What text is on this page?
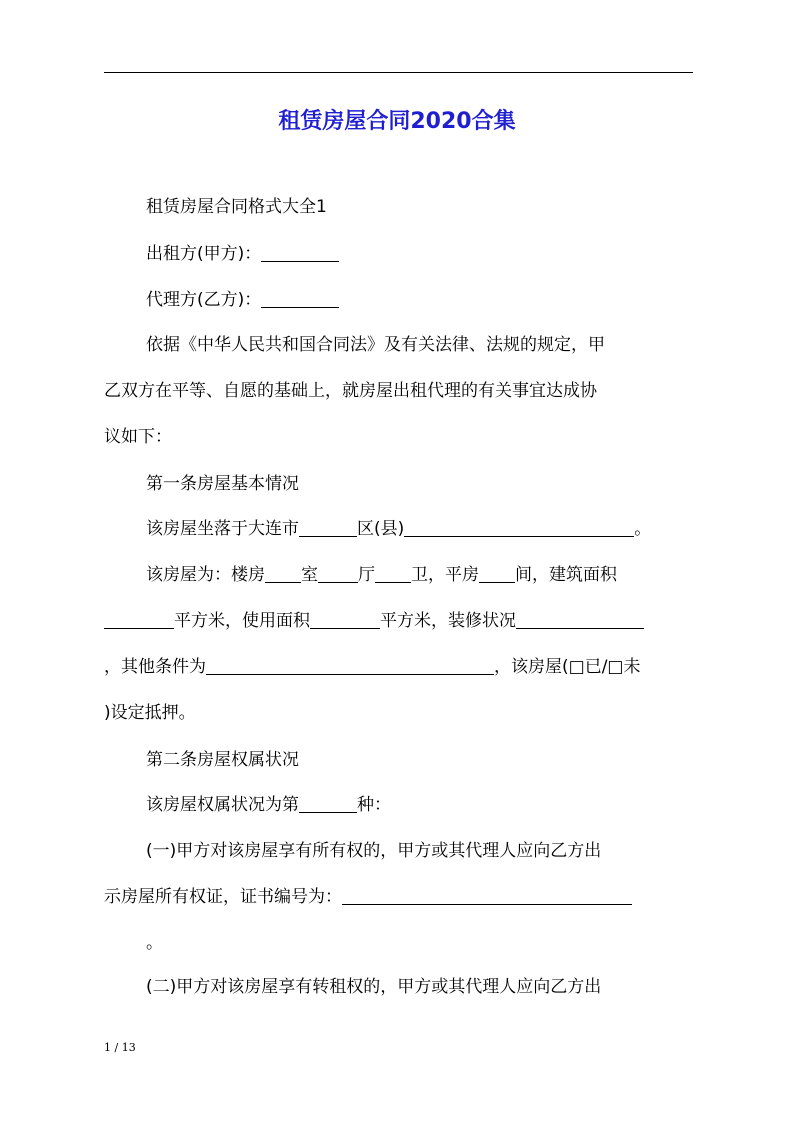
租赁房屋合同2020合集
租赁房屋合同格式大全1
出租方(甲方)：
代理方(乙方)：
依据《中华人民共和国合同法》及有关法律、法规的规定，甲
乙双方在平等、自愿的基础上，就房屋出租代理的有关事宜达成协
议如下：
第一条房屋基本情况
该房屋坐落于大连市	区(县)	。
该房屋为：楼房 室 厅 卫，平房 间，建筑面积
平方米，使用面积	平方米，装修状况
，其他条件为	，该房屋(□已/□未
)设定抵押。
第二条房屋权属状况
该房屋权属状况为第	种：
(一)甲方对该房屋享有所有权的，甲方或其代理人应向乙方出
示房屋所有权证，证书编号为：
。
(二)甲方对该房屋享有转租权的，甲方或其代理人应向乙方出
1 / 13
